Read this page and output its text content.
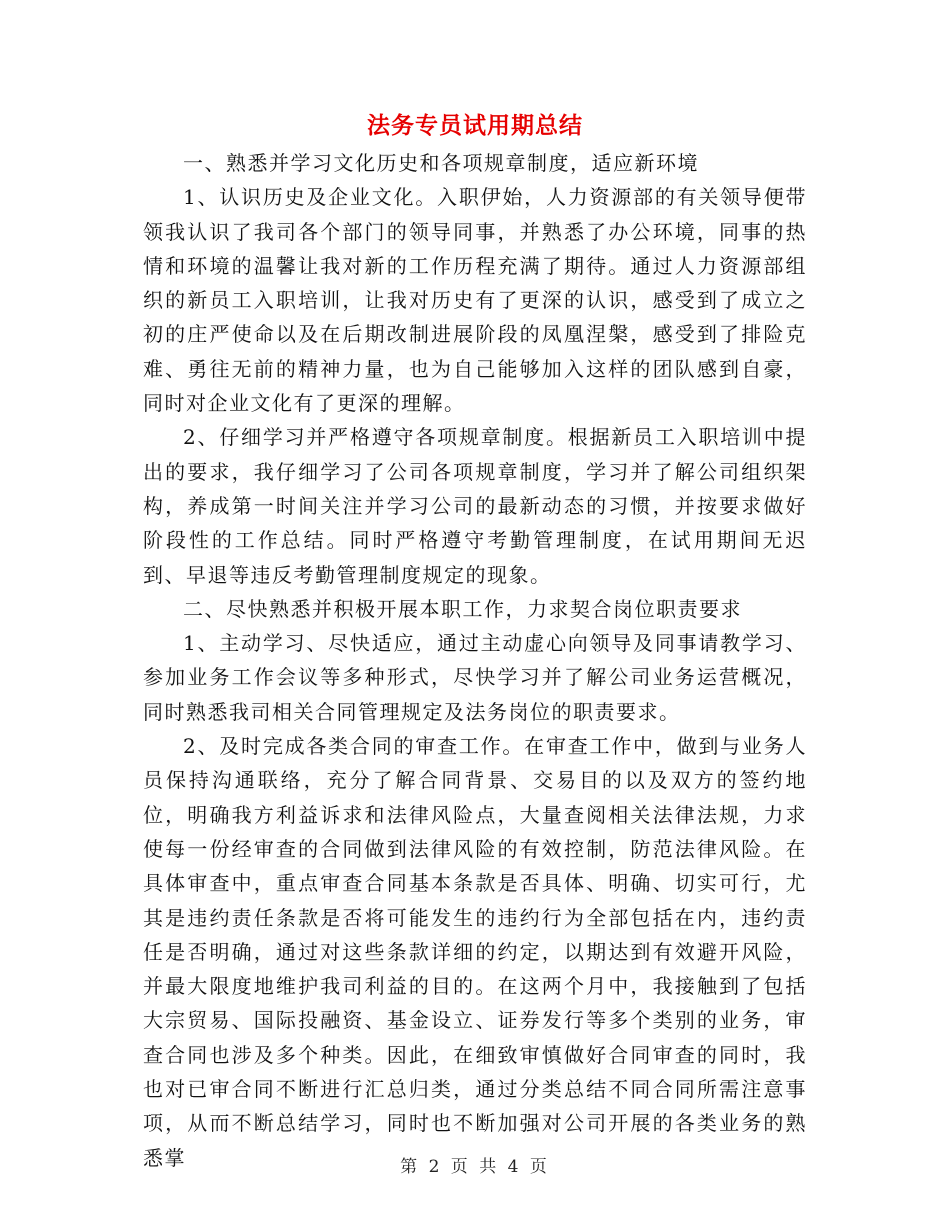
法务专员试用期总结

一、熟悉并学习文化历史和各项规章制度，适应新环境

1、认识历史及企业文化。入职伊始，人力资源部的有关领导便带领我认识了我司各个部门的领导同事，并熟悉了办公环境，同事的热情和环境的温馨让我对新的工作历程充满了期待。通过人力资源部组织的新员工入职培训，让我对历史有了更深的认识，感受到了成立之初的庄严使命以及在后期改制进展阶段的凤凰涅槃，感受到了排险克难、勇往无前的精神力量，也为自己能够加入这样的团队感到自豪，同时对企业文化有了更深的理解。

2、仔细学习并严格遵守各项规章制度。根据新员工入职培训中提出的要求，我仔细学习了公司各项规章制度，学习并了解公司组织架构，养成第一时间关注并学习公司的最新动态的习惯，并按要求做好阶段性的工作总结。同时严格遵守考勤管理制度，在试用期间无迟到、早退等违反考勤管理制度规定的现象。

二、尽快熟悉并积极开展本职工作，力求契合岗位职责要求

1、主动学习、尽快适应，通过主动虚心向领导及同事请教学习、参加业务工作会议等多种形式，尽快学习并了解公司业务运营概况，同时熟悉我司相关合同管理规定及法务岗位的职责要求。

2、及时完成各类合同的审查工作。在审查工作中，做到与业务人员保持沟通联络，充分了解合同背景、交易目的以及双方的签约地位，明确我方利益诉求和法律风险点，大量查阅相关法律法规，力求使每一份经审查的合同做到法律风险的有效控制，防范法律风险。在具体审查中，重点审查合同基本条款是否具体、明确、切实可行，尤其是违约责任条款是否将可能发生的违约行为全部包括在内，违约责任是否明确，通过对这些条款详细的约定，以期达到有效避开风险，并最大限度地维护我司利益的目的。在这两个月中，我接触到了包括大宗贸易、国际投融资、基金设立、证券发行等多个类别的业务，审查合同也涉及多个种类。因此，在细致审慎做好合同审查的同时，我也对已审合同不断进行汇总归类，通过分类总结不同合同所需注意事项，从而不断总结学习，同时也不断加强对公司开展的各类业务的熟悉掌	第 2 页 共 4 页
